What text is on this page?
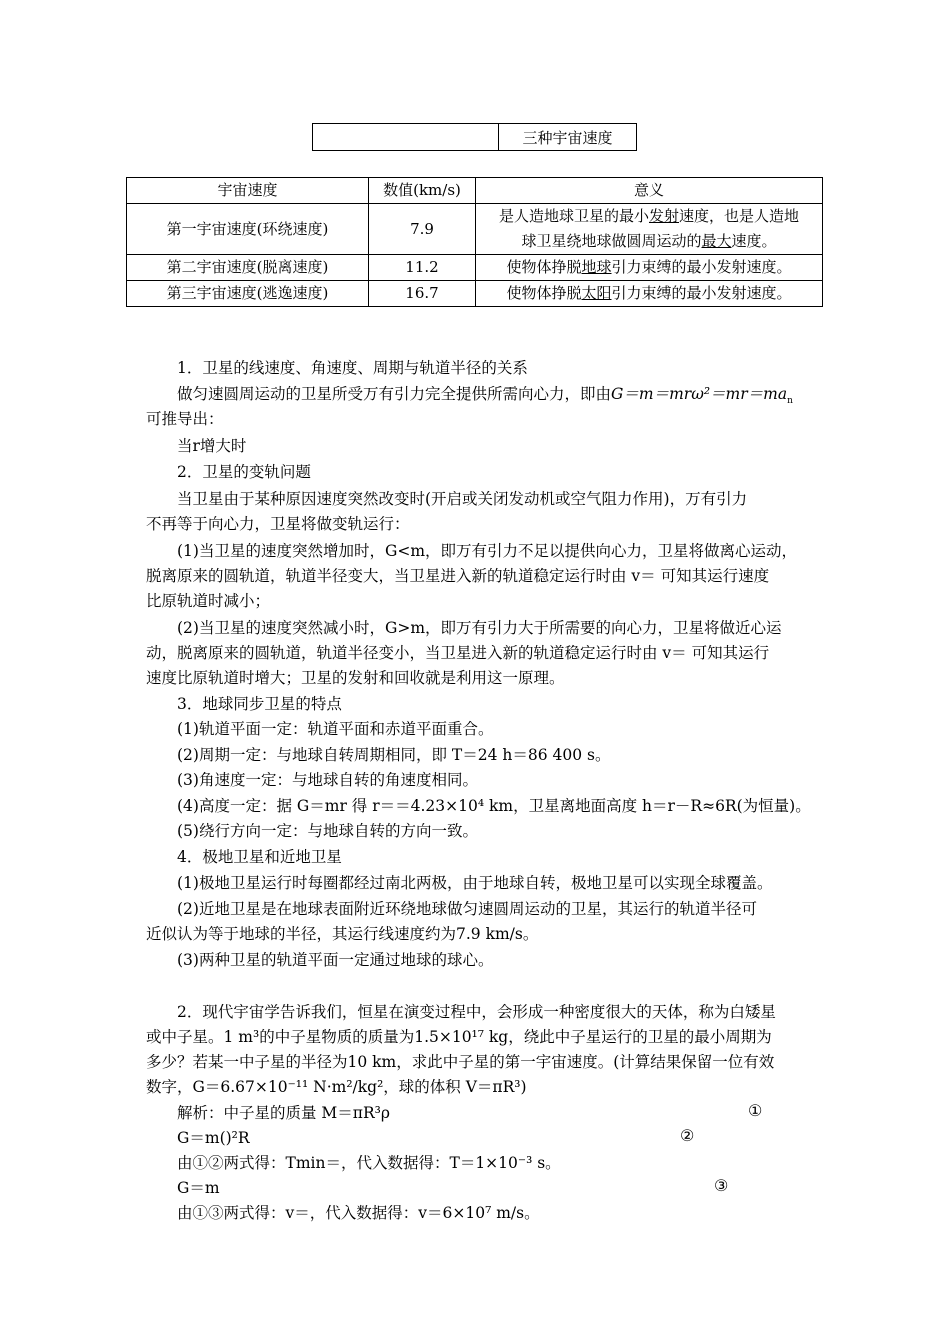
	三种宇宙速度
宇宙速度	数值(km/s)	意义
第一宇宙速度(环绕速度)	7.9	是人造地球卫星的最小发射速度，也是人造地
球卫星绕地球做圆周运动的最大速度。
第二宇宙速度(脱离速度)	11.2	使物体挣脱地球引力束缚的最小发射速度。
第三宇宙速度(逃逸速度)	16.7	使物体挣脱太阳引力束缚的最小发射速度。
1．卫星的线速度、角速度、周期与轨道半径的关系
做匀速圆周运动的卫星所受万有引力完全提供所需向心力，即由$G=m=mr\omega^2=mr=ma_n$
可推导出：
当r增大时
2．卫星的变轨问题
当卫星由于某种原因速度突然改变时(开启或关闭发动机或空气阻力作用)，万有引力
不再等于向心力，卫星将做变轨运行：
(1)当卫星的速度突然增加时，G<m，即万有引力不足以提供向心力，卫星将做离心运动，
脱离原来的圆轨道，轨道半径变大，当卫星进入新的轨道稳定运行时由 v＝ 可知其运行速度
比原轨道时减小；
(2)当卫星的速度突然减小时，G>m，即万有引力大于所需要的向心力，卫星将做近心运
动，脱离原来的圆轨道，轨道半径变小，当卫星进入新的轨道稳定运行时由 v＝ 可知其运行
速度比原轨道时增大；卫星的发射和回收就是利用这一原理。
3．地球同步卫星的特点
(1)轨道平面一定：轨道平面和赤道平面重合。
(2)周期一定：与地球自转周期相同，即 T＝24 h＝86 400 s。
(3)角速度一定：与地球自转的角速度相同。
(4)高度一定：据 G＝mr 得 r＝＝4.23×10⁴ km，卫星离地面高度 h＝r－R≈6R(为恒量)。
(5)绕行方向一定：与地球自转的方向一致。
4．极地卫星和近地卫星
(1)极地卫星运行时每圈都经过南北两极，由于地球自转，极地卫星可以实现全球覆盖。
(2)近地卫星是在地球表面附近环绕地球做匀速圆周运动的卫星，其运行的轨道半径可
近似认为等于地球的半径，其运行线速度约为7.9 km/s。
(3)两种卫星的轨道平面一定通过地球的球心。
2．现代宇宙学告诉我们，恒星在演变过程中，会形成一种密度很大的天体，称为白矮星
或中子星。1 m³的中子星物质的质量为1.5×10¹⁷ kg，绕此中子星运行的卫星的最小周期为
多少？若某一中子星的半径为10 km，求此中子星的第一宇宙速度。(计算结果保留一位有效
数字，G＝6.67×10⁻¹¹ N·m²/kg²，球的体积 V＝πR³)
解析：中子星的质量 M＝πR³ρ	①
G＝m()²R	②
由①②两式得：Tmin＝，代入数据得：T＝1×10⁻³ s。
G＝m	③
由①③两式得：v＝，代入数据得：v＝6×10⁷ m/s。
